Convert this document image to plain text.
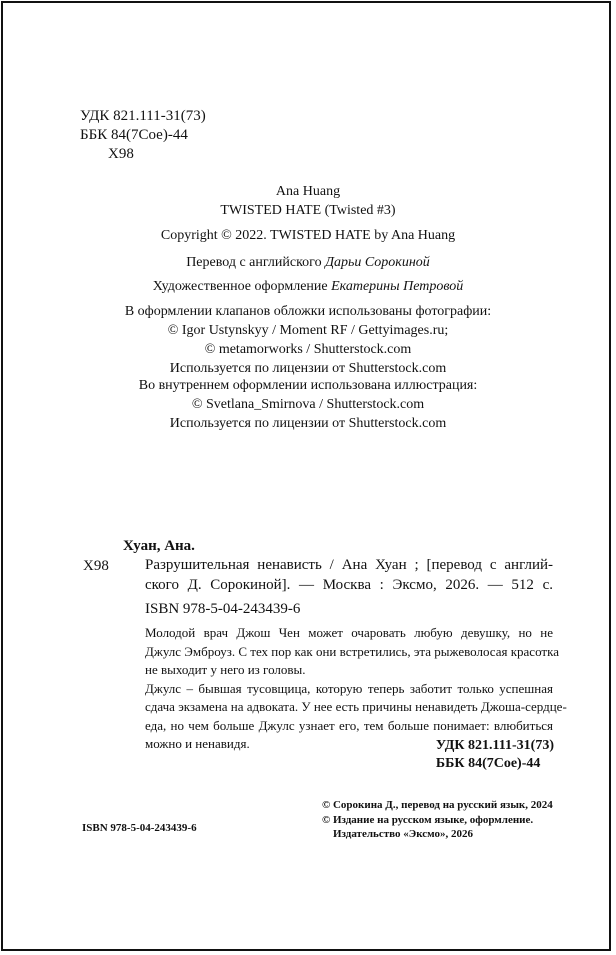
УДК 821.111-31(73)
ББК 84(7Сое)-44
Х98
Ana Huang
TWISTED HATE (Twisted #3)
Copyright © 2022. TWISTED HATE by Ana Huang
Перевод с английского Дарьи Сорокиной
Художественное оформление Екатерины Петровой
В оформлении клапанов обложки использованы фотографии:
© Igor Ustynskyy / Moment RF / Gettyimages.ru;
© metamorworks / Shutterstock.com
Используется по лицензии от Shutterstock.com
Во внутреннем оформлении использована иллюстрация:
© Svetlana_Smirnova / Shutterstock.com
Используется по лицензии от Shutterstock.com
Хуан, Ана.
Х98 Разрушительная ненависть / Ана Хуан ; [перевод с англий-
ского Д. Сорокиной]. — Москва : Эксмо, 2026. — 512 с.
ISBN 978-5-04-243439-6
Молодой врач Джош Чен может очаровать любую девушку, но не
Джулс Эмброуз. С тех пор как они встретились, эта рыжеволосая красотка
не выходит у него из головы.
Джулс – бывшая тусовщица, которую теперь заботит только успешная
сдача экзамена на адвоката. У нее есть причины ненавидеть Джоша-сердце-
еда, но чем больше Джулс узнает его, тем больше понимает: влюбиться
можно и ненавидя.	УДК 821.111-31(73)
ББК 84(7Сое)-44
© Сорокина Д., перевод на русский язык, 2024
© Издание на русском языке, оформление.
Издательство «Эксмо», 2026
ISBN 978-5-04-243439-6
